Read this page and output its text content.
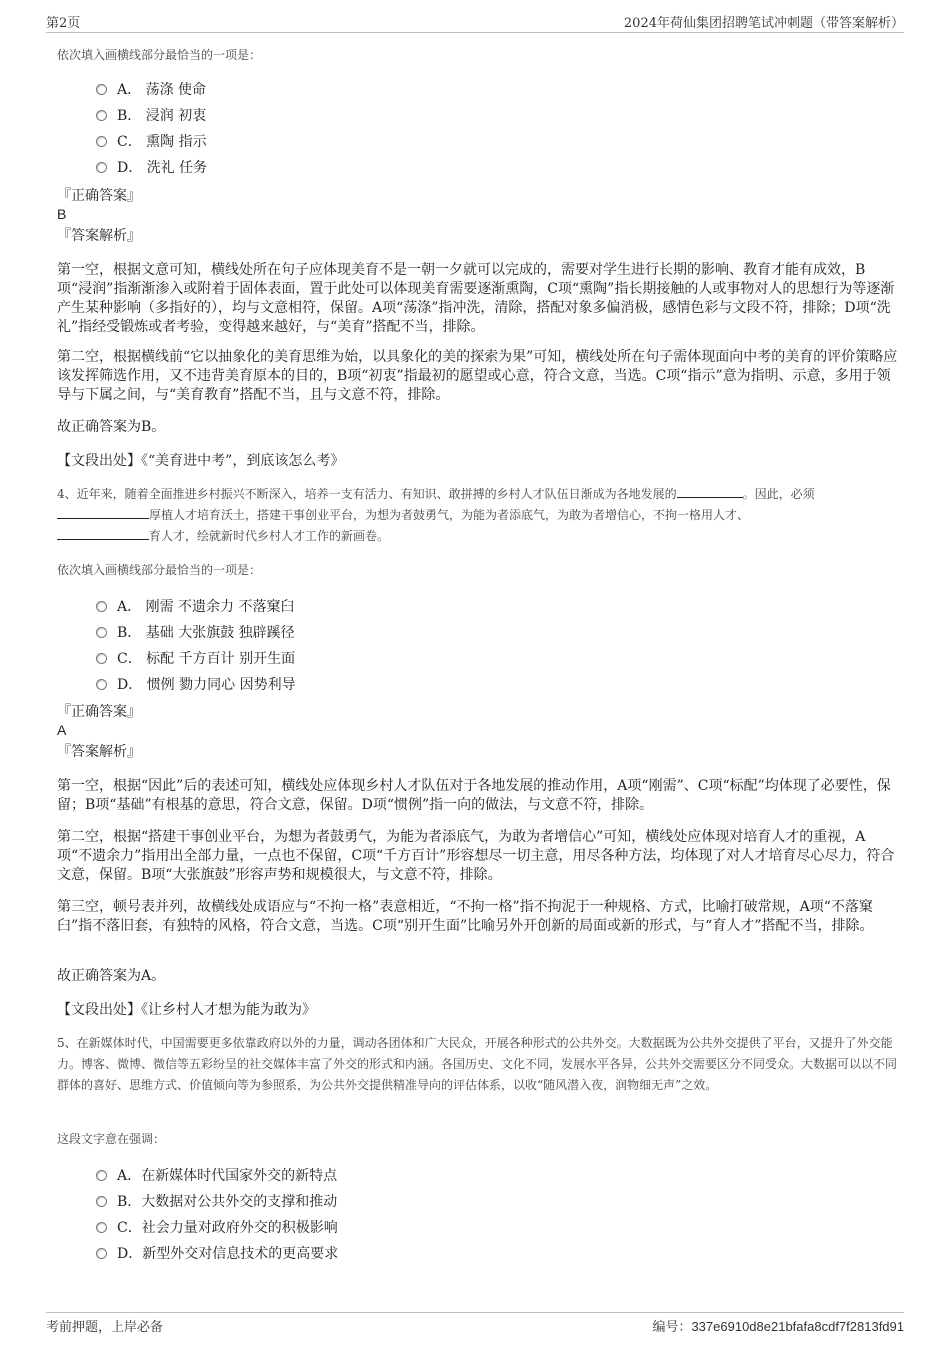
第2页	2024年荷仙集团招聘笔试冲刺题（带答案解析）

依次填入画横线部分最恰当的一项是：

A．
荡涤 使命
B．
浸润 初衷
C．
熏陶 指示
D．
洗礼 任务

『正确答案』

B

『答案解析』

第一空，根据文意可知，横线处所在句子应体现美育不是一朝一夕就可以完成的，需要对学生进行长期的影响、教育才能有成效，B项“浸润”指渐渐渗入或附着于固体表面，置于此处可以体现美育需要逐渐熏陶，C项“熏陶”指长期接触的人或事物对人的思想行为等逐渐产生某种影响（多指好的），均与文意相符，保留。A项“荡涤”指冲洗，清除，搭配对象多偏消极，感情色彩与文段不符，排除；D项“洗礼”指经受锻炼或者考验，变得越来越好，与“美育”搭配不当，排除。

第二空，根据横线前“它以抽象化的美育思维为始，以具象化的美的探索为果”可知，横线处所在句子需体现面向中考的美育的评价策略应该发挥筛选作用，又不违背美育原本的目的，B项“初衷”指最初的愿望或心意，符合文意，当选。C项“指示”意为指明、示意，多用于领导与下属之间，与“美育教育”搭配不当，且与文意不符，排除。

故正确答案为B。

【文段出处】《“美育进中考”，到底该怎么考》

4、近年来，随着全面推进乡村振兴不断深入，培养一支有活力、有知识、敢拼搏的乡村人才队伍日渐成为各地发展的	。因此，必须
厚植人才培育沃土，搭建干事创业平台，为想为者鼓勇气，为能为者添底气，为敢为者增信心，不拘一格用人才、
育人才，绘就新时代乡村人才工作的新画卷。

依次填入画横线部分最恰当的一项是：

A．
刚需 不遗余力 不落窠臼
B．
基础 大张旗鼓 独辟蹊径
C．
标配 千方百计 别开生面
D．
惯例 勠力同心 因势利导

『正确答案』

A

『答案解析』

第一空，根据“因此”后的表述可知，横线处应体现乡村人才队伍对于各地发展的推动作用，A项“刚需”、C项“标配”均体现了必要性，保留；B项“基础”有根基的意思，符合文意，保留。D项“惯例”指一向的做法，与文意不符，排除。

第二空，根据“搭建干事创业平台，为想为者鼓勇气，为能为者添底气，为敢为者增信心”可知，横线处应体现对培育人才的重视，A项“不遗余力”指用出全部力量，一点也不保留，C项“千方百计”形容想尽一切主意，用尽各种方法，均体现了对人才培育尽心尽力，符合文意，保留。B项“大张旗鼓”形容声势和规模很大，与文意不符，排除。

第三空，顿号表并列，故横线处成语应与“不拘一格”表意相近，“不拘一格”指不拘泥于一种规格、方式，比喻打破常规，A项“不落窠臼”指不落旧套，有独特的风格，符合文意，当选。C项“别开生面”比喻另外开创新的局面或新的形式，与“育人才”搭配不当，排除。

故正确答案为A。

【文段出处】《让乡村人才想为能为敢为》

5、在新媒体时代，中国需要更多依靠政府以外的力量，调动各团体和广大民众，开展各种形式的公共外交。大数据既为公共外交提供了平台，又提升了外交能力。博客、微博、微信等五彩纷呈的社交媒体丰富了外交的形式和内涵。各国历史、文化不同，发展水平各异，公共外交需要区分不同受众。大数据可以以不同群体的喜好、思维方式、价值倾向等为参照系，为公共外交提供精准导向的评估体系，以收“随风潜入夜，润物细无声”之效。

这段文字意在强调：

A． 在新媒体时代国家外交的新特点
B． 大数据对公共外交的支撑和推动
C． 社会力量对政府外交的积极影响
D． 新型外交对信息技术的更高要求
考前押题，上岸必备	编号：337e6910d8e21bfafa8cdf7f2813fd91
